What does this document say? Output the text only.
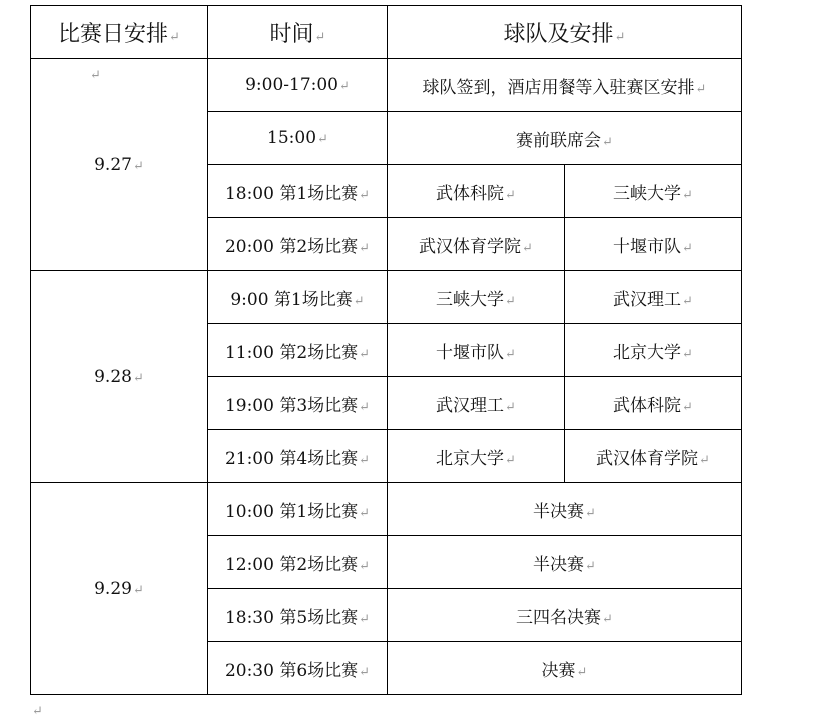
比赛日安排↵	时间↵	球队及安排↵	

9.27↵	9:00-17:00↵	球队签到，酒店用餐等入驻赛区安排↵	
	15:00↵	赛前联席会↵	
	18:00 第1场比赛↵	武体科院↵	三峡大学↵
	20:00 第2场比赛↵	武汉体育学院↵	十堰市队↵
9.28↵	9:00 第1场比赛↵	三峡大学↵	武汉理工↵
	11:00 第2场比赛↵	十堰市队↵	北京大学↵
	19:00 第3场比赛↵	武汉理工↵	武体科院↵
	21:00 第4场比赛↵	北京大学↵	武汉体育学院↵
9.29↵	10:00 第1场比赛↵	半决赛↵	
	12:00 第2场比赛↵	半决赛↵	
	18:30 第5场比赛↵	三四名决赛↵	
	20:30 第6场比赛↵	决赛↵	
↵
↵
